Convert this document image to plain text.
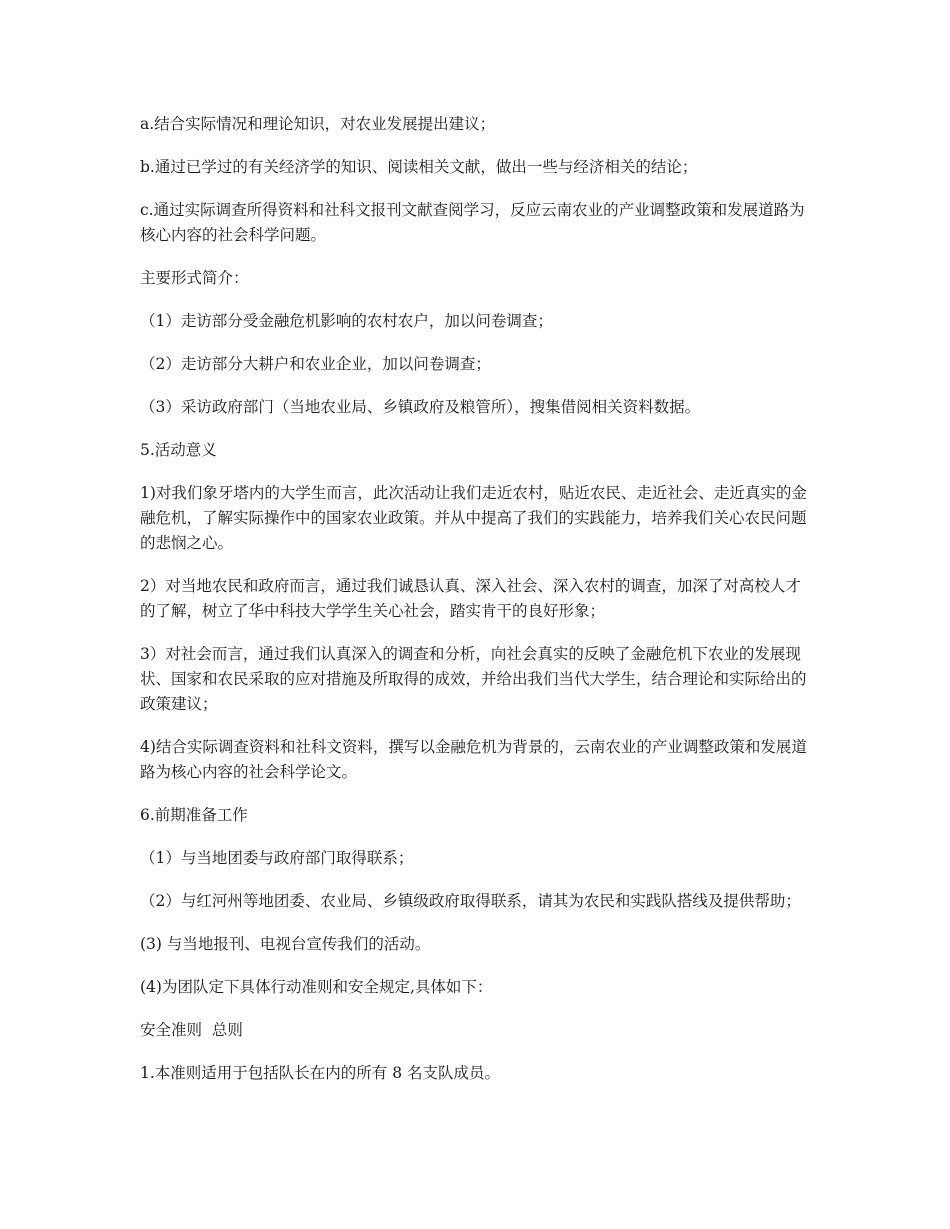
a.结合实际情况和理论知识，对农业发展提出建议；

b.通过已学过的有关经济学的知识、阅读相关文献，做出一些与经济相关的结论；

c.通过实际调查所得资料和社科文报刊文献查阅学习，反应云南农业的产业调整政策和发展道路为核心内容的社会科学问题。

主要形式简介：

（1）走访部分受金融危机影响的农村农户，加以问卷调查；

（2）走访部分大耕户和农业企业，加以问卷调查；

（3）采访政府部门（当地农业局、乡镇政府及粮管所），搜集借阅相关资料数据。

5.活动意义

1)对我们象牙塔内的大学生而言，此次活动让我们走近农村，贴近农民、走近社会、走近真实的金融危机，了解实际操作中的国家农业政策。并从中提高了我们的实践能力，培养我们关心农民问题的悲悯之心。

2）对当地农民和政府而言，通过我们诚恳认真、深入社会、深入农村的调查，加深了对高校人才的了解，树立了华中科技大学学生关心社会，踏实肯干的良好形象；

3）对社会而言，通过我们认真深入的调查和分析，向社会真实的反映了金融危机下农业的发展现状、国家和农民采取的应对措施及所取得的成效，并给出我们当代大学生，结合理论和实际给出的政策建议；

4)结合实际调查资料和社科文资料，撰写以金融危机为背景的，云南农业的产业调整政策和发展道路为核心内容的社会科学论文。

6.前期准备工作

（1）与当地团委与政府部门取得联系；

（2）与红河州等地团委、农业局、乡镇级政府取得联系，请其为农民和实践队搭线及提供帮助；

(3) 与当地报刊、电视台宣传我们的活动。

(4)为团队定下具体行动准则和安全规定,具体如下：

安全准则  总则

1.本准则适用于包括队长在内的所有 8 名支队成员。
